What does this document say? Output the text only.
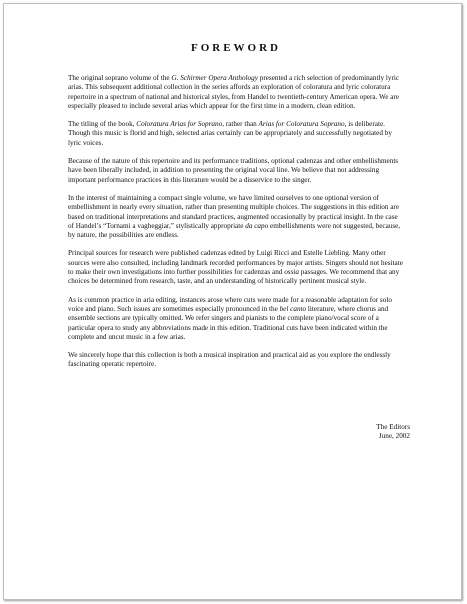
FOREWORD

The original soprano volume of the G. Schirmer Opera Anthology presented a rich selection of predominantly lyric arias. This subsequent additional collection in the series affords an exploration of coloratura and lyric coloratura repertoire in a spectrum of national and historical styles, from Handel to twentieth-century American opera. We are especially pleased to include several arias which appear for the first time in a modern, clean edition.

The titling of the book, Coloratura Arias for Soprano, rather than Arias for Coloratura Soprano, is deliberate. Though this music is florid and high, selected arias certainly can be appropriately and successfully negotiated by lyric voices.

Because of the nature of this repertoire and its performance traditions, optional cadenzas and other embellishments have been liberally included, in addition to presenting the original vocal line. We believe that not addressing important performance practices in this literature would be a disservice to the singer.

In the interest of maintaining a compact single volume, we have limited ourselves to one optional version of embellishment in nearly every situation, rather than presenting multiple choices. The suggestions in this edition are based on traditional interpretations and standard practices, augmented occasionally by practical insight. In the case of Handel’s “Tornami a vagheggiar,” stylistically appropriate da capo embellishments were not suggested, because, by nature, the possibilities are endless.

Principal sources for research were published cadenzas edited by Luigi Ricci and Estelle Liebling. Many other sources were also consulted, including landmark recorded performances by major artists. Singers should not hesitate to make their own investigations into further possibilities for cadenzas and ossia passages. We recommend that any choices be determined from research, taste, and an understanding of historically pertinent musical style.

As is common practice in aria editing, instances arose where cuts were made for a reasonable adaptation for solo voice and piano. Such issues are sometimes especially pronounced in the bel canto literature, where chorus and ensemble sections are typically omitted. We refer singers and pianists to the complete piano/vocal score of a particular opera to study any abbreviations made in this edition. Traditional cuts have been indicated within the complete and uncut music in a few arias.

We sincerely hope that this collection is both a musical inspiration and practical aid as you explore the endlessly fascinating operatic repertoire.

The Editors
June, 2002
